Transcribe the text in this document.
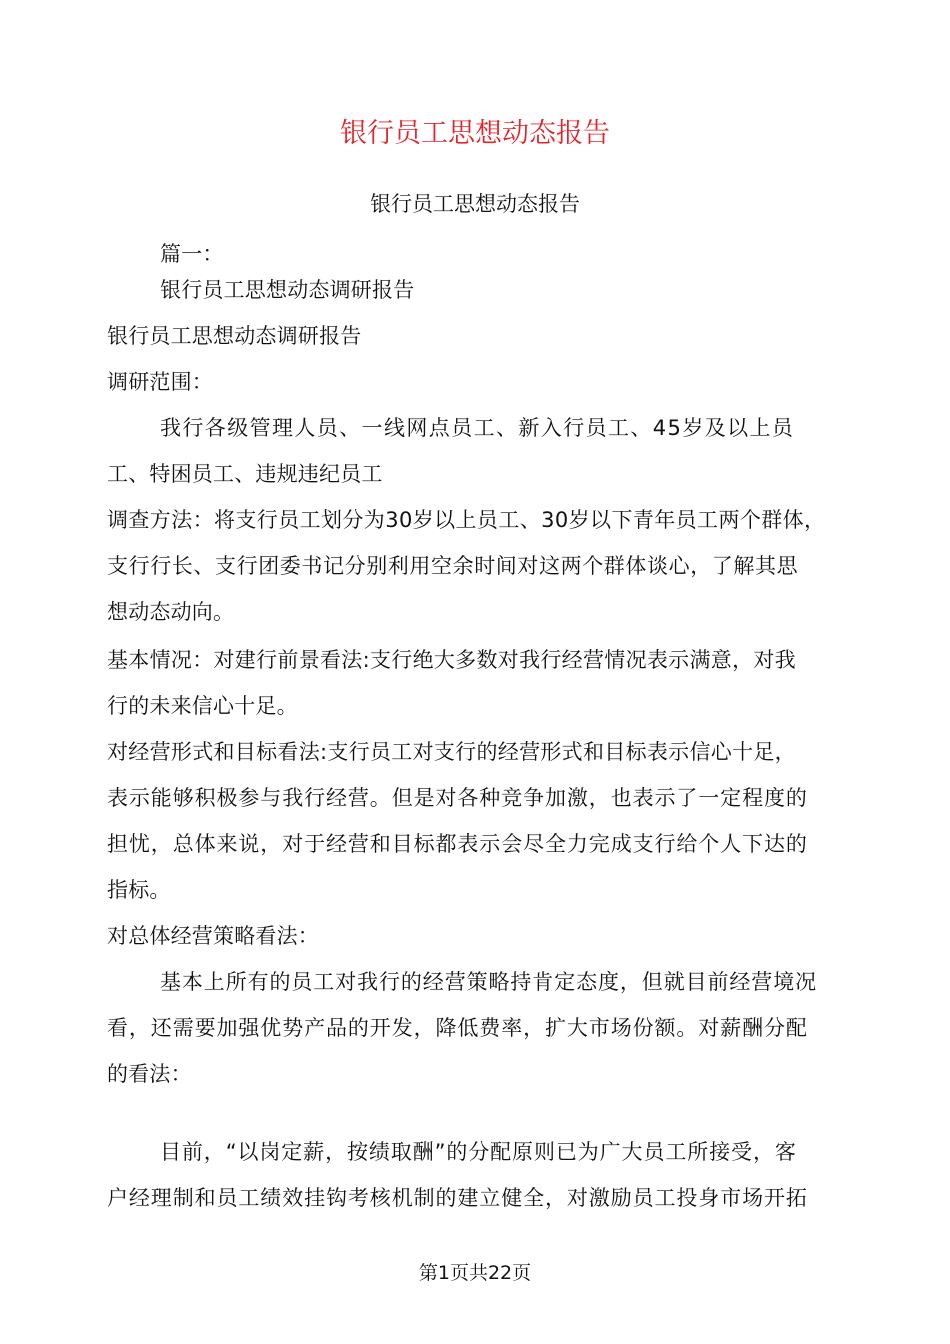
银行员工思想动态报告
银行员工思想动态报告
篇一：
银行员工思想动态调研报告
银行员工思想动态调研报告
调研范围：
我行各级管理人员、一线网点员工、新入行员工、45岁及以上员
工、特困员工、违规违纪员工
调查方法：将支行员工划分为30岁以上员工、30岁以下青年员工两个群体，
支行行长、支行团委书记分别利用空余时间对这两个群体谈心，了解其思
想动态动向。
基本情况：对建行前景看法:支行绝大多数对我行经营情况表示满意，对我
行的未来信心十足。
对经营形式和目标看法:支行员工对支行的经营形式和目标表示信心十足，
表示能够积极参与我行经营。但是对各种竞争加激，也表示了一定程度的
担忧，总体来说，对于经营和目标都表示会尽全力完成支行给个人下达的
指标。
对总体经营策略看法：
基本上所有的员工对我行的经营策略持肯定态度，但就目前经营境况
看，还需要加强优势产品的开发，降低费率，扩大市场份额。对薪酬分配
的看法：
目前，“以岗定薪，按绩取酬”的分配原则已为广大员工所接受，客
户经理制和员工绩效挂钩考核机制的建立健全，对激励员工投身市场开拓
第1页共22页
